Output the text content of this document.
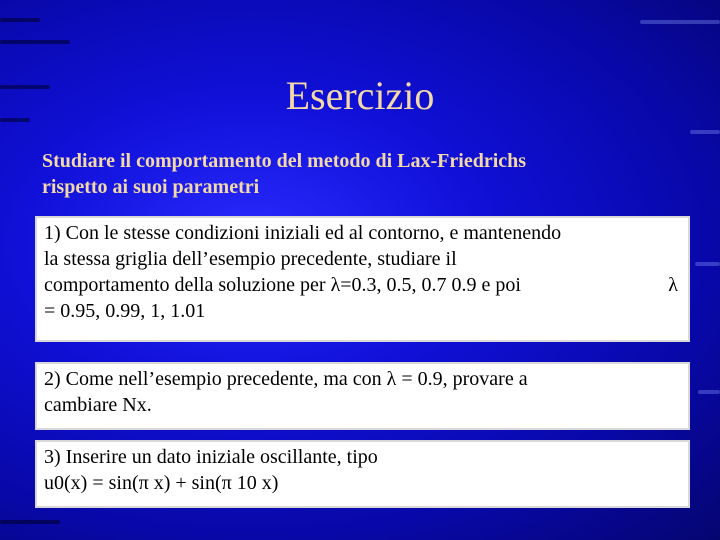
Esercizio
Studiare il comportamento del metodo di Lax-Friedrichs
rispetto ai suoi parametri
1) Con le stesse condizioni iniziali ed al contorno, e mantenendo
la stessa griglia dell’esempio precedente, studiare il
comportamento della soluzione per λ=0.3, 0.5, 0.7 0.9 e poi	λ
= 0.95, 0.99, 1, 1.01
2) Come nell’esempio precedente, ma con λ = 0.9, provare a
cambiare Nx.
3) Inserire un dato iniziale oscillante, tipo
u0(x) = sin(π x) + sin(π 10 x)
